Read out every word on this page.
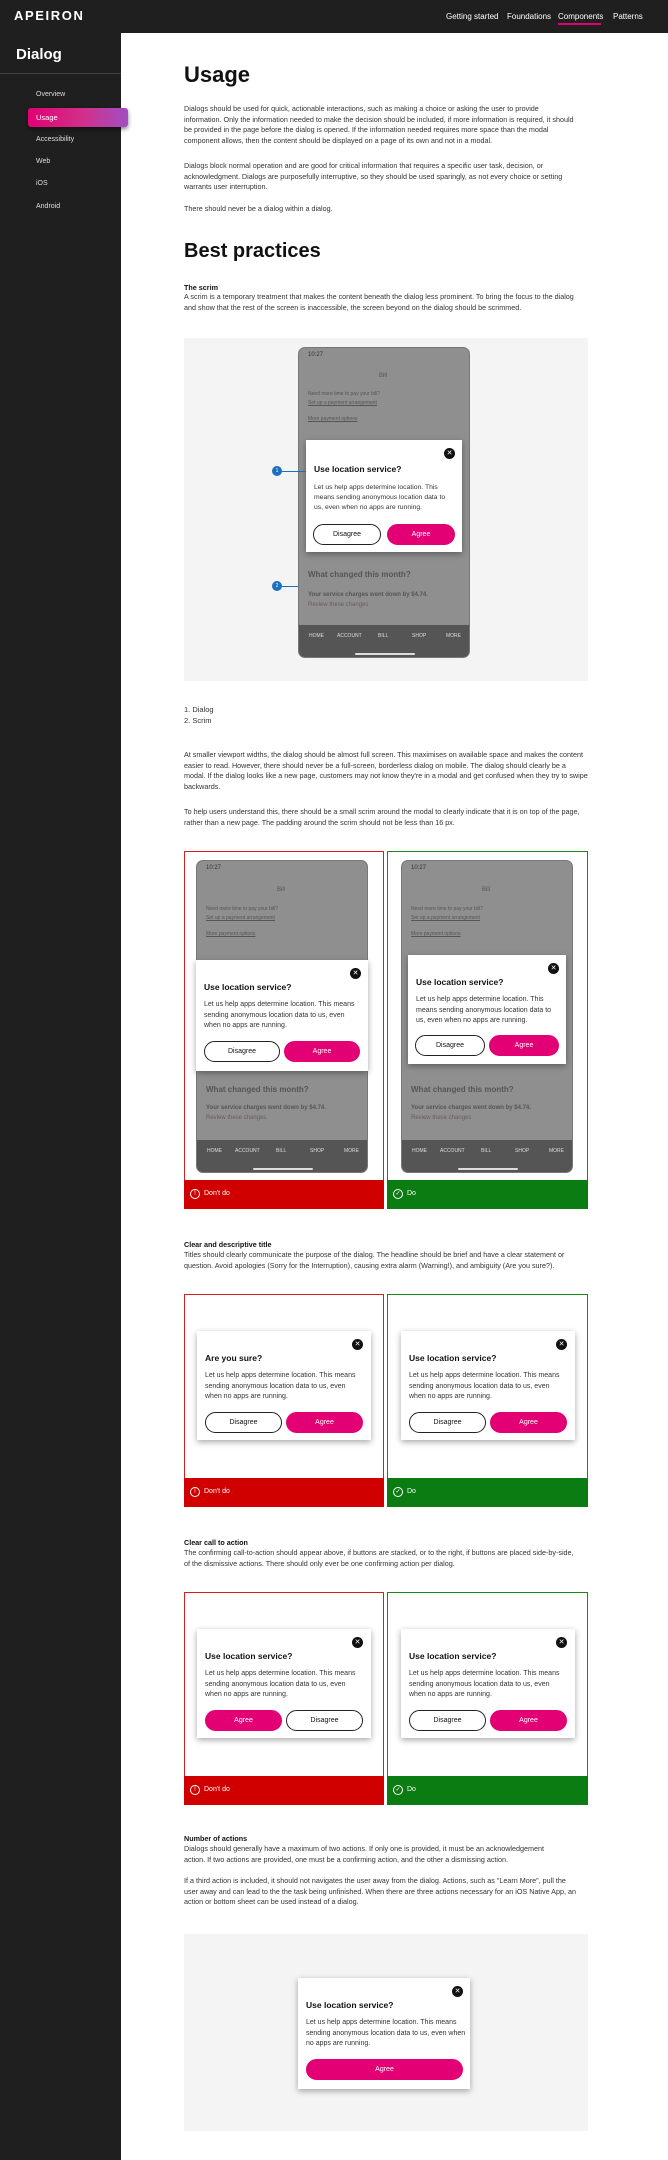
APEIRON	Getting started Foundations Components Patterns
Dialog
Overview
Usage
Accessibility
Web
iOS
Android
Usage
Dialogs should be used for quick, actionable interactions, such as making a choice or asking the user to provide information. Only the information needed to make the decision should be included, if more information is required, it should be provided in the page before the dialog is opened. If the information needed requires more space than the modal component allows, then the content should be displayed on a page of its own and not in a modal.
Dialogs block normal operation and are good for critical information that requires a specific user task, decision, or acknowledgment. Dialogs are purposefully interruptive, so they should be used sparingly, as not every choice or setting warrants user interruption.
There should never be a dialog within a dialog.
Best practices
The scrim
A scrim is a temporary treatment that makes the content beneath the dialog less prominent. To bring the focus to the dialog and show that the rest of the screen is inaccessible, the screen beyond on the dialog should be scrimmed.
10:27
Bill
Need more time to pay your bill?
Set up a payment arrangement
More payment options
What changed this month?
Your service charges went down by $4.74.
Review these changes
HOME	ACCOUNT	BILL	SHOP	MORE
✕
Use location service?
Let us help apps determine location. This means sending anonymous location data to us, even when no apps are running.
Disagree	Agree
1
2
1. Dialog
2. Scrim
At smaller viewport widths, the dialog should be almost full screen. This maximises on available space and makes the content easier to read. However, there should never be a full-screen, borderless dialog on mobile. The dialog should clearly be a modal. If the dialog looks like a new page, customers may not know they're in a modal and get confused when they try to swipe backwards.
To help users understand this, there should be a small scrim around the modal to clearly indicate that it is on top of the page, rather than a new page. The padding around the scrim should not be less than 16 px.
10:27
Bill
Need more time to pay your bill?
Set up a payment arrangement
More payment options
What changed this month?
Your service charges went down by $4.74.
Review these changes
HOME	ACCOUNT	BILL	SHOP	MORE
✕
Use location service?
Let us help apps determine location. This means sending anonymous location data to us, even when no apps are running.
Disagree	Agree
10:27
Bill
Need more time to pay your bill?
Set up a payment arrangement
More payment options
What changed this month?
Your service charges went down by $4.74.
Review these changes
HOME	ACCOUNT	BILL	SHOP	MORE
✕
Use location service?
Let us help apps determine location. This means sending anonymous location data to us, even when no apps are running.
Disagree	Agree
!	Don't do	✓ Do
Clear and descriptive title
Titles should clearly communicate the purpose of the dialog. The headline should be brief and have a clear statement or question. Avoid apologies (Sorry for the Interruption), causing extra alarm (Warning!), and ambiguity (Are you sure?).
✕
Are you sure?
Let us help apps determine location. This means sending anonymous location data to us, even when no apps are running.
Disagree	Agree
✕
Use location service?
Let us help apps determine location. This means sending anonymous location data to us, even when no apps are running.
Disagree	Agree
!	Don't do	✓ Do
Clear call to action
The confirming call-to-action should appear above, if buttons are stacked, or to the right, if buttons are placed side-by-side, of the dismissive actions. There should only ever be one confirming action per dialog.
✕
Use location service?
Let us help apps determine location. This means sending anonymous location data to us, even when no apps are running.
Agree	Disagree
✕
Use location service?
Let us help apps determine location. This means sending anonymous location data to us, even when no apps are running.
Disagree	Agree
!	Don't do	✓ Do
Number of actions
Dialogs should generally have a maximum of two actions. If only one is provided, it must be an acknowledgement action. If two actions are provided, one must be a confirming action, and the other a dismissing action.
If a third action is included, it should not navigates the user away from the dialog. Actions, such as "Learn More", pull the user away and can lead to the the task being unfinished. When there are three actions necessary for an iOS Native App, an action or bottom sheet can be used instead of a dialog.
✕
Use location service?
Let us help apps determine location. This means sending anonymous location data to us, even when no apps are running.
Agree
